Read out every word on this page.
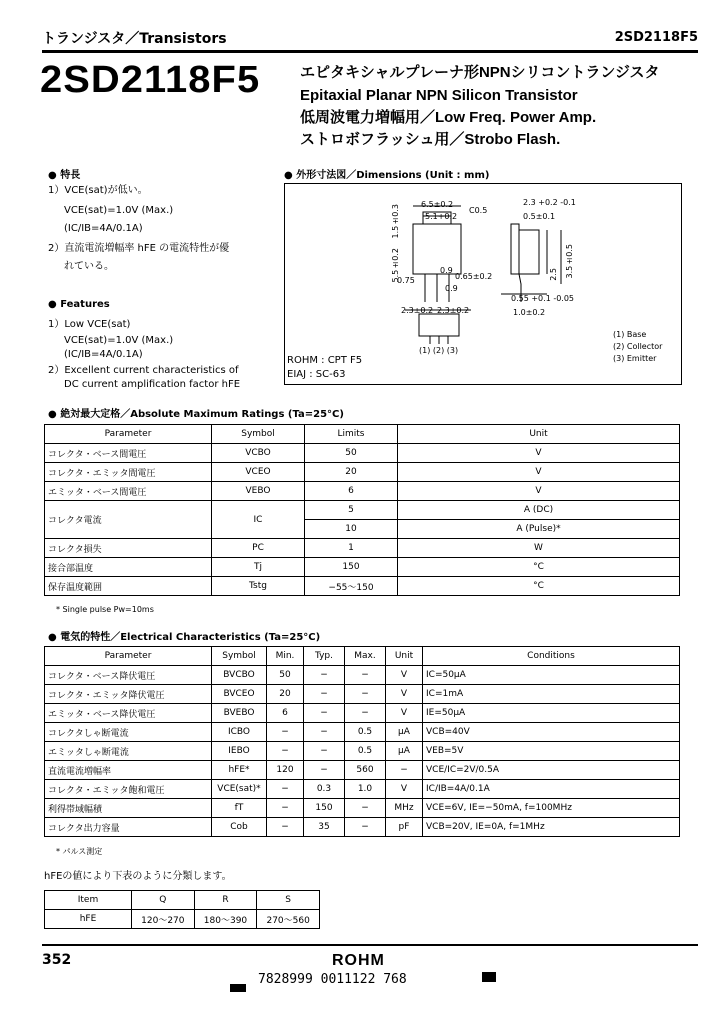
トランジスタ／Transistors	2SD2118F5
2SD2118F5	エピタキシャルプレーナ形NPNシリコントランジスタ
Epitaxial Planar NPN Silicon Transistor
低周波電力増幅用／Low Freq. Power Amp.
ストロボフラッシュ用／Strobo Flash.
● 特長
1）VCE(sat)が低い。
VCE(sat)=1.0V (Max.)
(IC/IB=4A/0.1A)
2）直流電流増幅率 hFE の電流特性が優
れている。
● Features
1）Low VCE(sat)
VCE(sat)=1.0V (Max.)
(IC/IB=4A/0.1A)
2）Excellent current characteristics of
DC current amplification factor hFE
● 外形寸法図／Dimensions (Unit : mm)
6.5±0.2
5.1+0.2
C0.5
2.3 +0.2 -0.1
0.5±0.1
1.5±0.3
5.5±0.2	0.9
0.65±0.2
0.75
0.9
2.5 3.5±0.5
2.3±0.2 2.3±0.2
0.55 +0.1 -0.05
1.0±0.2
(1) (2) (3)
ROHM : CPT F5
EIAJ : SC-63
(1) Base
(2) Collector
(3) Emitter
● 絶対最大定格／Absolute Maximum Ratings (Ta=25°C)
Parameter	Symbol	Limits	Unit
コレクタ・ベース間電圧	VCBO	50	V
コレクタ・エミッタ間電圧	VCEO	20	V
エミッタ・ベース間電圧	VEBO	6	V
コレクタ電流	IC	5	A (DC)
		10	A (Pulse)*
コレクタ損失	PC	1	W
接合部温度	Tj	150	°C
保存温度範囲	Tstg	−55～150	°C
* Single pulse Pw=10ms
● 電気的特性／Electrical Characteristics (Ta=25°C)
Parameter	Symbol	Min.	Typ.	Max.	Unit	Conditions
コレクタ・ベース降伏電圧	BVCBO	50	−	−	V	IC=50μA
コレクタ・エミッタ降伏電圧	BVCEO	20	−	−	V	IC=1mA
エミッタ・ベース降伏電圧	BVEBO	6	−	−	V	IE=50μA
コレクタしゃ断電流	ICBO	−	−	0.5	μA	VCB=40V
エミッタしゃ断電流	IEBO	−	−	0.5	μA	VEB=5V
直流電流増幅率	hFE*	120	−	560	−	VCE/IC=2V/0.5A
コレクタ・エミッタ飽和電圧	VCE(sat)*	−	0.3	1.0	V	IC/IB=4A/0.1A
利得帯域幅積	fT	−	150	−	MHz	VCE=6V, IE=−50mA, f=100MHz
コレクタ出力容量	Cob	−	35	−	pF	VCB=20V, IE=0A, f=1MHz
* パルス測定
hFEの値により下表のように分類します。
Item	Q	R	S
hFE	120～270	180～390	270～560
352	ROHM
7828999 0011122 768
